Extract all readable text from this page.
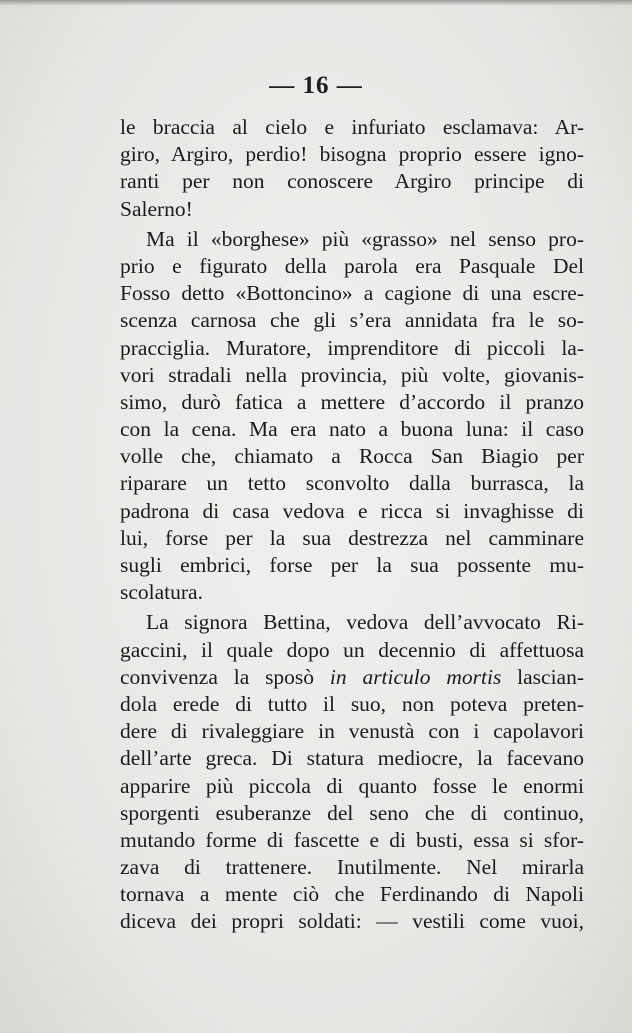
— 16 —
le braccia al cielo e infuriato esclamava: Ar-
giro, Argiro, perdio! bisogna proprio essere igno-
ranti per non conoscere Argiro principe di
Salerno!
Ma il «borghese» più «grasso» nel senso pro-
prio e figurato della parola era Pasquale Del
Fosso detto «Bottoncino» a cagione di una escre-
scenza carnosa che gli s’era annidata fra le so-
pracciglia. Muratore, imprenditore di piccoli la-
vori stradali nella provincia, più volte, giovanis-
simo, durò fatica a mettere d’accordo il pranzo
con la cena. Ma era nato a buona luna: il caso
volle che, chiamato a Rocca San Biagio per
riparare un tetto sconvolto dalla burrasca, la
padrona di casa vedova e ricca si invaghisse di
lui, forse per la sua destrezza nel camminare
sugli embrici, forse per la sua possente mu-
scolatura.
La signora Bettina, vedova dell’avvocato Ri-
gaccini, il quale dopo un decennio di affettuosa
convivenza la sposò in articulo mortis lascian-
dola erede di tutto il suo, non poteva preten-
dere di rivaleggiare in venustà con i capolavori
dell’arte greca. Di statura mediocre, la facevano
apparire più piccola di quanto fosse le enormi
sporgenti esuberanze del seno che di continuo,
mutando forme di fascette e di busti, essa si sfor-
zava di trattenere. Inutilmente. Nel mirarla
tornava a mente ciò che Ferdinando di Napoli
diceva dei propri soldati: — vestili come vuoi,
